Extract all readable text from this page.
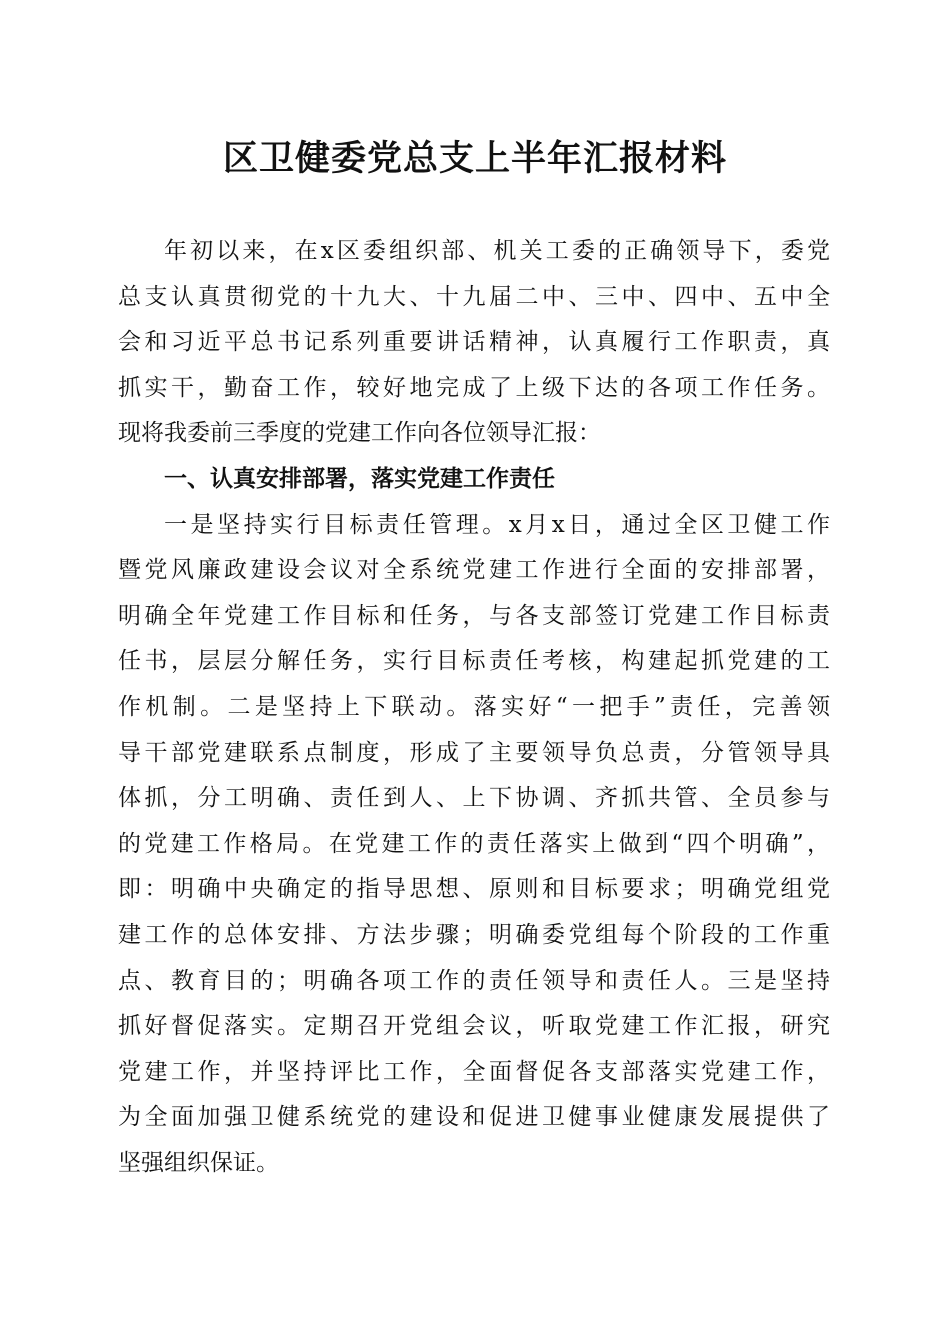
区卫健委党总支上半年汇报材料
年初以来，在x区委组织部、机关工委的正确领导下，委党
总支认真贯彻党的十九大、十九届二中、三中、四中、五中全
会和习近平总书记系列重要讲话精神，认真履行工作职责，真
抓实干，勤奋工作，较好地完成了上级下达的各项工作任务。
现将我委前三季度的党建工作向各位领导汇报：
一、认真安排部署，落实党建工作责任
一是坚持实行目标责任管理。x月x日，通过全区卫健工作
暨党风廉政建设会议对全系统党建工作进行全面的安排部署，
明确全年党建工作目标和任务，与各支部签订党建工作目标责
任书，层层分解任务，实行目标责任考核，构建起抓党建的工
作机制。二是坚持上下联动。落实好“一把手”责任，完善领
导干部党建联系点制度，形成了主要领导负总责，分管领导具
体抓，分工明确、责任到人、上下协调、齐抓共管、全员参与
的党建工作格局。在党建工作的责任落实上做到“四个明确”，
即：明确中央确定的指导思想、原则和目标要求；明确党组党
建工作的总体安排、方法步骤；明确委党组每个阶段的工作重
点、教育目的；明确各项工作的责任领导和责任人。三是坚持
抓好督促落实。定期召开党组会议，听取党建工作汇报，研究
党建工作，并坚持评比工作，全面督促各支部落实党建工作，
为全面加强卫健系统党的建设和促进卫健事业健康发展提供了
坚强组织保证。
